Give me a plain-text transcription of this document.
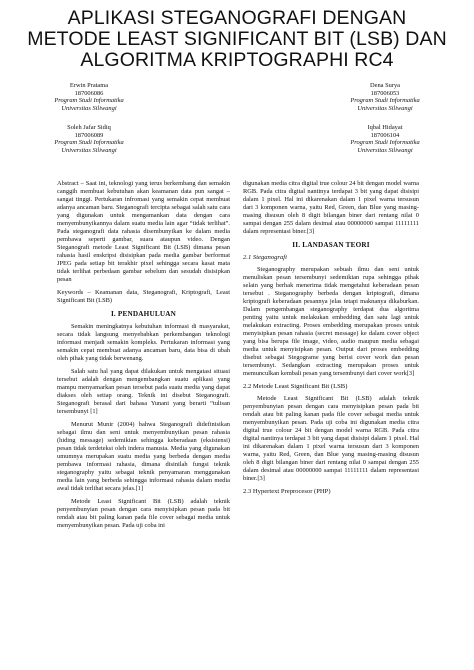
APLIKASI STEGANOGRAFI DENGAN
METODE LEAST SIGNIFICANT BIT (LSB) DAN
ALGORITMA KRIPTOGRAPHI RC4
Erwin Pratama
187006086
Program Studi Informatika
Universitas Siliwangi
Dena Surya
187006053
Program Studi Informatika
Universitas Siliwangi
Soleh Jafar Sidiq
187006089
Program Studi Informatika
Universitas Siliwangi
Iqbal Hidayat
187006104
Program Studi Informatika
Universitas Siliwangi

Abstract – Saat ini, teknologi yang terus berkembang dan semakin canggih membuat kebutuhan akan keamanan data pun sangat – sangat tinggi. Pertukaran infromasi yang semakin cepat membuat adanya ancaman baru. Steganografi tercipta sebagai salah satu cara yang digunakan untuk mengamankan data dengan cara menyembunyikannya dalam suatu media lain agar “tidak terlihat”. Pada steganografi data rahasia disembunyikan ke dalam media pembawa seperti gambar, suara ataupun video. Dengan Steganografi metode Least Significant Bit (LSB) dimana pesan rahasia hasil enskripsi disisipkan pada media gambar berformat JPEG pada setiap bit terakhir pixel sehingga secara kasat mata tidak terlihat perbedaan gambar sebelum dan sesudah disisipkan pesan

Keywords – Keamanan data, Steganografi, Kriptografi, Least Significant Bit (LSB)

I. PENDAHULUAN

Semakin meningkatnya kebutuhan informasi di masyarakat, secara tidak langsung menyebabkan perkembangan teknologi informasi menjadi semakin kompleks. Pertukaran informasi yang semakin cepat membuat adanya ancaman baru, data bisa di ubah oleh pihak yang tidak berwenang.

Salah satu hal yang dapat dilakukan untuk mengatasi situasi tersebut adalah dengan mengembangkan suatu aplikasi yang mampu menyamarkan pesan tersebut pada suatu media yang dapat diakses oleh setiap orang. Teknik ini disebut Steganografi. Steganografi berasal dari bahasa Yunani yang berarti “tulisan tersembunyi [1]

Menurut Munir (2004) bahwa Steganografi didefinisikan sebagai ilmu dan seni untuk menyembunyikan pesan rahasia (hiding message) sedemikian sehingga keberadaan (eksistensi) pesan tidak terdeteksi oleh indera manusia. Media yang digunakan umumnya merupakan suatu media yang berbeda dengan media pembawa informasi rahasia, dimana disinilah fungsi teknik steganography yaitu sebagai teknik penyamaran menggunakan media lain yang berbeda sehingga informasi rahasia dalam media awal tidak terlihat secara jelas.[1]

Metode Least Significant Bit (LSB) adalah teknik penyembunyian pesan dengan cara menyisipkan pesan pada bit rendah atau bit paling kanan pada file cover sebagai media untuk menyembunyikan pesan. Pada uji coba ini

digunakan media citra digital true colour 24 bit dengan model warna RGB. Pada citra digital nantinya terdapat 3 bit yang dapat disisipi dalam 1 pixel. Hal ini dikarenakan dalam 1 pixel warna tersusun dari 3 komponen warna, yaitu Red, Green, dan Blue yang masing-masing disusun oleh 8 digit bilangan biner dari rentang nilai 0 sampai dengan 255 dalam desimal atau 00000000 sampai 11111111 dalam representasi biner.[3]

II. LANDASAN TEORI
2.1 Steganografi

Steganography merupakan sebuah ilmu dan seni untuk menuliskan pesan tersembunyi sedemikian rupa sehingga pihak selain yang berhak menerima tidak mengetahui keberadaan pesan tersebut . Steganography berbeda dengan kriptografi, dimana kriptografi keberadaan pesannya jelas tetapi maknanya dikaburkan. Dalam pengembangan steganography terdapat dua algoritma penting yaitu untuk melakukan embedding dan satu lagi untuk melakukan extracting. Proses embedding merupakan proses untuk menyisipkan pesan rahasia (secret message) ke dalam cover object yang bisa berupa file image, video, audio maupun media sebagai media untuk menyisipkan pesan. Output dari proses embedding disebut sebagai Stegograme yang berisi cover work dan pesan tersembunyi. Sedangkan extracting merupakan proses untuk memunculkan kembali pesan yang tersembunyi dari cover work[3]

2.2 Metode Least Significant Bit (LSB)

Metode Least Significant Bit (LSB) adalah teknik penyembunyian pesan dengan cara menyisipkan pesan pada bit rendah atau bit paling kanan pada file cover sebagai media untuk menyembunyikan pesan. Pada uji coba ini digunakan media citra digital true colour 24 bit dengan model warna RGB. Pada citra digital nantinya terdapat 3 bit yang dapat disisipi dalam 1 pixel. Hal ini dikarenakan dalam 1 pixel warna tersusun dari 3 komponen warna, yaitu Red, Green, dan Blue yang masing-masing disusun oleh 8 digit bilangan biner dari rentang nilai 0 sampai dengan 255 dalam desimal atau 00000000 sampai 11111111 dalam representasi biner.[3]

2.3 Hypertext Preprocesor (PHP)
